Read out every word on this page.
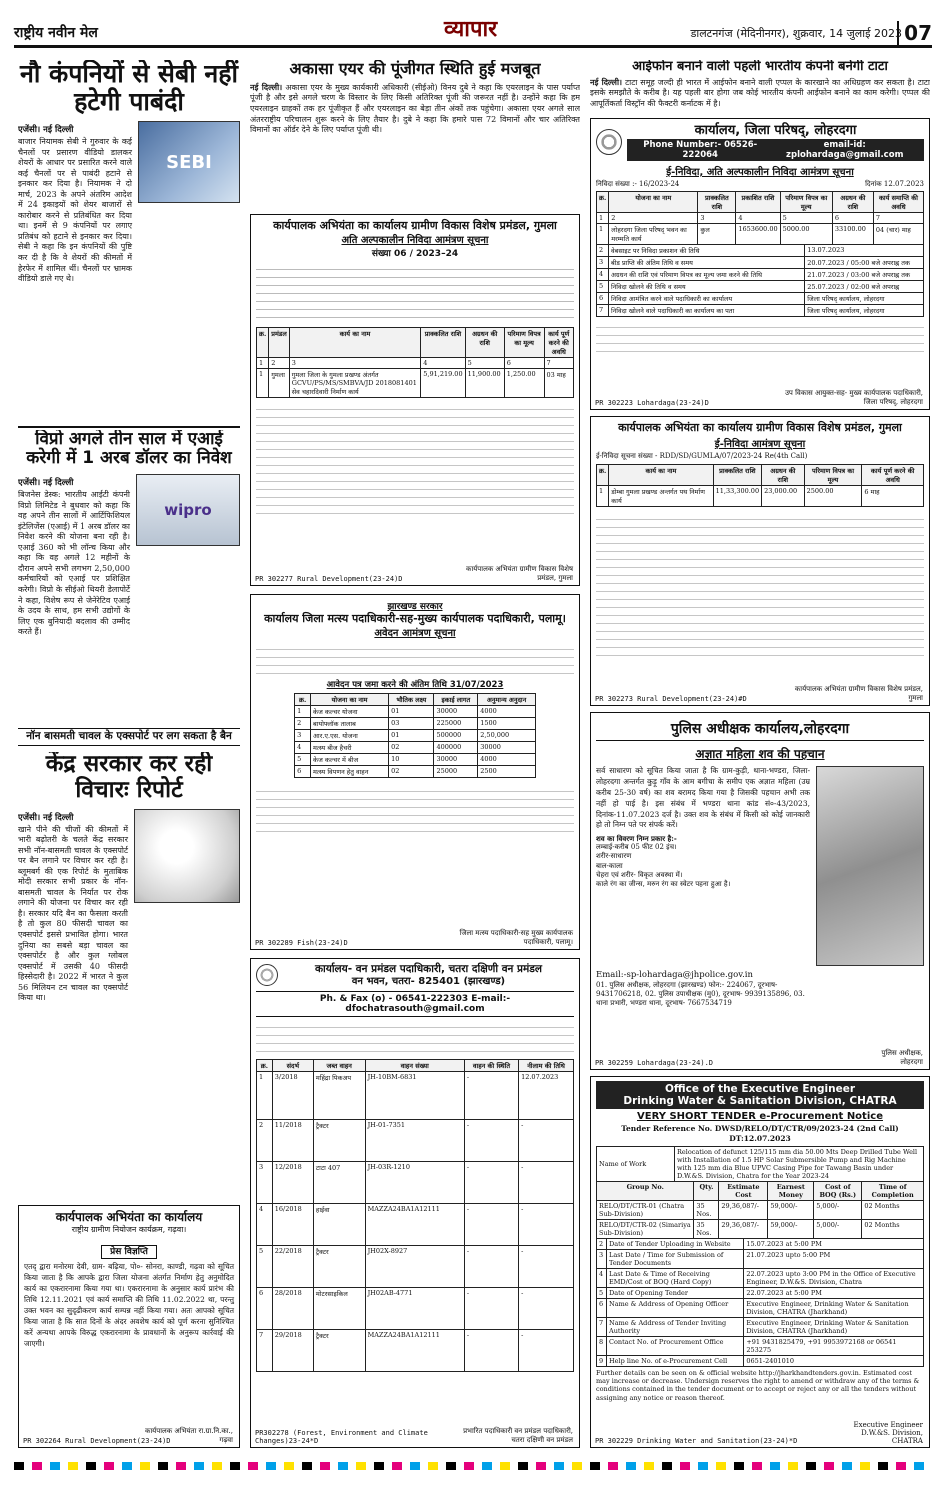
राष्ट्रीय नवीन मेल	व्यापार	डालटनगंज (मेदिनीनगर), शुक्रवार, 14 जुलाई 2023 07
नौ कंपनियों से सेबी नहीं हटेगी पाबंदी
एजेंसी। नई दिल्ली
बाजार नियामक सेबी ने गुरुवार के कई चैनलों पर प्रसारण वीडियो डालकर शेयरों के आधार पर प्रसारित करने वाले कई चैनलों पर से पाबंदी हटाने से इनकार कर दिया है। नियामक ने दो मार्च, 2023 के अपने अंतरिम आदेश में 24 इकाइयों को शेयर बाजारों से कारोबार करने से प्रतिबंधित कर दिया था। इनमें से 9 कंपनियों पर लगाए प्रतिबंध को हटाने से इनकार कर दिया। सेबी ने कहा कि इन कंपनियों की पुष्टि कर दी है कि वे शेयरों की कीमतों में हेरफेर में शामिल थीं। चैनलों पर भ्रामक वीडियो डाले गए थे।
SEBI
विप्रो अगले तीन साल में एआई करेगी में 1 अरब डॉलर का निवेश
एजेंसी। नई दिल्ली
बिजनेस डेस्क: भारतीय आईटी कंपनी विप्रो लिमिटेड ने बुधवार को कहा कि वह अपने तीन सालों में आर्टिफिशियल इंटेलिजेंस (एआई) में 1 अरब डॉलर का निवेश करने की योजना बना रही है। एआई 360 को भी लॉन्च किया और कहा कि वह अगले 12 महीनों के दौरान अपने सभी लगभग 2,50,000 कर्मचारियों को एआई पर प्रशिक्षित करेगी। विप्रो के सीईओ थियरी डेलापोर्टे ने कहा, विशेष रूप से जेनेरेटिव एआई के उदय के साथ, हम सभी उद्योगों के लिए एक बुनियादी बदलाव की उम्मीद करते हैं।
wipro
नॉन बासमती चावल के एक्सपोर्ट पर लग सकता है बैन
केंद्र सरकार कर रही विचारः रिपोर्ट
एजेंसी। नई दिल्ली
खाने पीने की चीजों की कीमतों में भारी बढ़ोतरी के चलते केंद्र सरकार सभी नॉन-बासमती चावल के एक्सपोर्ट पर बैन लगाने पर विचार कर रही है। ब्लूमबर्ग की एक रिपोर्ट के मुताबिक मोदी सरकार सभी प्रकार के नॉन-बासमती चावल के निर्यात पर रोक लगाने की योजना पर विचार कर रही है। सरकार यदि बैन का फैसला करती है तो कुल 80 फीसदी चावल का एक्सपोर्ट इससे प्रभावित होगा। भारत दुनिया का सबसे बड़ा चावल का एक्सपोर्टर है और कुल ग्लोबल एक्सपोर्ट में उसकी 40 फीसदी हिस्सेदारी है। 2022 में भारत ने कुल 56 मिलियन टन चावल का एक्सपोर्ट किया था।
कार्यपालक अभियंता का कार्यालय
राष्ट्रीय ग्रामीण नियोजन कार्यक्रम, गढ़वा।
प्रेस विज्ञप्ति
एतद् द्वारा मनोरमा देवी, ग्राम- बढ़िया, पो०- सोनरा, काण्डी, गढ़वा को सूचित किया जाता है कि आपके द्वारा जिला योजना अंतर्गत निर्माण हेतु अनुमोदित कार्य का एकरारनामा किया गया था। एकरारनामा के अनुसार कार्य प्रारंभ की तिथि 12.11.2021 एवं कार्य समाप्ति की तिथि 11.02.2022 था, परन्तु उक्त भवन का सुदृढीकरण कार्य सम्पन्न नहीं किया गया। अतः आपको सूचित किया जाता है कि सात दिनों के अंदर अवशेष कार्य को पूर्ण करना सुनिश्चित करें अन्यथा आपके विरुद्ध एकरारनामा के प्रावधानों के अनुरूप कार्रवाई की जाएगी।
PR 302264 Rural Development(23-24)D
कार्यपालक अभियंता रा.ग्रा.नि.का., गढ़वा
अकासा एयर की पूंजीगत स्थिति हुई मजबूत
नई दिल्ली। अकासा एयर के मुख्य कार्यकारी अधिकारी (सीईओ) विनय दुबे ने कहा कि एयरलाइन के पास पर्याप्त पूंजी है और इसे अगले चरण के विस्तार के लिए किसी अतिरिक्त पूंजी की जरूरत नहीं है। उन्होंने कहा कि हम एयरलाइन ग्राहकों तक हर पूंजीकृत हैं और एयरलाइन का बेड़ा तीन अंकों तक पहुंचेगा। अकासा एयर अगले साल अंतरराष्ट्रीय परिचालन शुरू करने के लिए तैयार है। दुबे ने कहा कि हमारे पास 72 विमानों और चार अतिरिक्त विमानों का ऑर्डर देने के लिए पर्याप्त पूंजी थी।
कार्यपालक अभियंता का कार्यालय ग्रामीण विकास विशेष प्रमंडल, गुमला
अति अल्पकालीन निविदा आमंत्रण सूचना
संख्या 06 / 2023–24
क्र.	प्रमंडल	कार्य का नाम	प्राक्कलित राशि	अग्रधन की राशि	परिमाण विपत्र का मूल्य	कार्य पूर्ण करने की अवधि
1	2	3	4	5	6	7
1	गुमला	गुमला जिला के गुमला प्रखण्ड अंतर्गत GCVU/PS/MS/SMBVA/JD 2018081401 सेव चहारदिवारी निर्माण कार्य	5,91,219.00	11,900.00	1,250.00	03 माह
PR 302277 Rural Development(23-24)D
कार्यपालक अभियंता ग्रामीण विकास विशेष प्रमंडल, गुमला
झारखण्ड सरकार
कार्यालय जिला मत्स्य पदाधिकारी-सह-मुख्य कार्यपालक पदाधिकारी, पलामू।
अवेदन आमंत्रण सूचना
आवेदन पत्र जमा करने की अंतिम तिथि 31/07/2023
क्र.	योजना का नाम	भौतिक लक्ष्य	इकाई लागत	अनुमान्य अनुदान
1	केज कल्चर योजना	01	30000	4000
2	बायोफ्लॉक तालाब	03	225000	1500
3	आर.ए.एस. योजना	01	500000	2,50,000
4	मत्स्य बीज हैचरी	02	400000	30000
5	केज कल्चर में बीज	10	30000	4000
6	मत्स्य विपणन हेतु वाहन	02	25000	2500
PR 302289 Fish(23-24)D
जिला मत्स्य पदाधिकारी-सह मुख्य कार्यपालक पदाधिकारी, पलामू।
कार्यालय- वन प्रमंडल पदाधिकारी, चतरा दक्षिणी वन प्रमंडल
वन भवन, चतरा- 825401 (झारखण्ड)
Ph. & Fax (o) - 06541-222303 E-mail:- dfochatrasouth@gmail.com
क्र.	संदर्भ	जब्त वाहन	वाहन संख्या	वाहन की स्थिति	नीलाम की तिथि
1	3/2018	महिंद्रा पिकअप	JH-10BM-6831	-	12.07.2023
2	11/2018	ट्रैक्टर	JH-01-7351	-	-
3	12/2018	टाटा 407	JH-03R-1210	-	-
4	16/2018	हाईवा	MAZZA24BA1A12111	-	-
5	22/2018	ट्रैक्टर	JH02X-8927	-	-
6	28/2018	मोटरसाइकिल	JH02AB-4771	-	-
7	29/2018	ट्रैक्टर	MAZZA24BA1A12111	-	-
PR302278 (Forest, Environment and Climate Changes)23-24*D
प्रभारित पदाधिकारी वन प्रमंडल पदाधिकारी, चतरा दक्षिणी वन प्रमंडल
आईफोन बनाने वाली पहली भारतीय कंपनी बनेगी टाटा
नई दिल्ली। टाटा समूह जल्दी ही भारत में आईफोन बनाने वाली एप्पल के कारखाने का अधिग्रहण कर सकता है। टाटा इसके समझौते के करीब है। यह पहली बार होगा जब कोई भारतीय कंपनी आईफोन बनाने का काम करेगी। एप्पल की आपूर्तिकर्ता विस्ट्रॉन की फैक्टरी कर्नाटक में है।
कार्यालय, जिला परिषद्, लोहरदगा
Phone Number:- 06526-222064
email-id: zplohardaga@gmail.com
ई-निविदा, अति अल्पकालीन निविदा आमंत्रण सूचना
निविदा संख्या :- 16/2023-24	दिनांक 12.07.2023
क्र.	योजना का नाम	प्राक्कलित राशि	प्रकाशित राशि	परिमाण विपत्र का मूल्य	अग्रधन की राशि	कार्य समाप्ति की अवधि
1	2	3	4	5	6	7
1	लोहरदगा जिला परिषद् भवन का मरम्मति कार्य	कुल	1653600.00	5000.00	33100.00	04 (चार) माह
2	वेबसाइट पर निविदा प्रकाशन की तिथि	13.07.2023
3	बीड प्राप्ति की अंतिम तिथि व समय	20.07.2023 / 05:00 बजे अपराह्न तक
4	अग्रधन की राशि एवं परिमाण विपत्र का मूल्य जमा करने की तिथि	21.07.2023 / 03:00 बजे अपराह्न तक
5	निविदा खोलने की तिथि व समय	25.07.2023 / 02:00 बजे अपराह्न
6	निविदा आमंत्रित करने वाले पदाधिकारी का कार्यालय	जिला परिषद् कार्यालय, लोहरदगा
7	निविदा खोलने वाले पदाधिकारी का कार्यालय का पता	जिला परिषद् कार्यालय, लोहरदगा
PR 302223 Lohardaga(23-24)D
उप विकास आयुक्त-सह- मुख्य कार्यपालक पदाधिकारी, जिला परिषद्, लोहरदगा
कार्यपालक अभियंता का कार्यालय ग्रामीण विकास विशेष प्रमंडल, गुमला
ई-निविदा आमंत्रण सूचना
ई-निविदा सूचना संख्या - RDD/SD/GUMLA/07/2023-24 Re(4th Call)
क्र.	कार्य का नाम	प्राक्कलित राशि	अग्रधन की राशि	परिमाण विपत्र का मूल्य	कार्य पूर्ण करने की अवधि
1	डोम्बा गुमला प्रखण्ड अन्तर्गत पथ निर्माण कार्य	11,33,300.00	23,000.00	2500.00	6 माह
PR 302273 Rural Development(23-24)#D
कार्यपालक अभियंता ग्रामीण विकास विशेष प्रमंडल, गुमला
पुलिस अधीक्षक कार्यालय,लोहरदगा
अज्ञात महिला शव की पहचान
सर्व साधारण को सूचित किया जाता है कि ग्राम-कुड़ी, थाना-भण्डरा, जिला-लोहरदगा अन्तर्गत कुड़ू गाँव के आम बगीचा के समीप एक अज्ञात महिला (उम्र करीब 25-30 वर्ष) का शव बरामद किया गया है जिसकी पहचान अभी तक नहीं हो पाई है। इस संबंध में भण्डरा थाना कांड सं०-43/2023, दिनांक-11.07.2023 दर्ज है। उक्त शव के संबंध में किसी को कोई जानकारी हो तो निम्न पते पर संपर्क करें।
शव का विवरण निम्न प्रकार है:-
लम्बाई-करीब 05 फीट 02 इंच।
शरीर-साधारण
बाल-काला
चेहरा एवं शरीर- विकृत अवस्था में।
काले रंग का जीन्स, मरुन रंग का स्वेटर पहना हुआ है।
Email:-sp-lohardaga@jhpolice.gov.in
01. पुलिस अधीक्षक, लोहरदगा (झारखण्ड) फोन:- 224067, दूरभाष- 9431706218, 02. पुलिस उपाधीक्षक (मु0), दूरभाष- 9939135896, 03. थाना प्रभारी, भण्डरा थाना, दूरभाष- 7667534719
PR 302259 Lohardaga(23-24).D
पुलिस अधीक्षक, लोहरदगा
Office of the Executive Engineer
Drinking Water & Sanitation Division, CHATRA
VERY SHORT TENDER e-Procurement Notice
Tender Reference No. DWSD/RELO/DT/CTR/09/2023-24 (2nd Call) DT:12.07.2023
Name of Work	Relocation of defunct 125/115 mm dia 50.00 Mts Deep Drilled Tube Well with Installation of 1.5 HP Solar Submersible Pump and Rig Machine with 125 mm dia Blue UPVC Casing Pipe for Tawang Basin under D.W.&S. Division, Chatra for the Year 2023-24
Group No.	Qty.	Estimate Cost	Earnest Money	Cost of BOQ (Rs.)	Time of Completion
RELO/DT/CTR-01 (Chatra Sub-Division)	35 Nos.	29,36,087/-	59,000/-	5,000/-	02 Months
RELO/DT/CTR-02 (Simariya Sub-Division)	35 Nos.	29,36,087/-	59,000/-	5,000/-	02 Months
2	Date of Tender Uploading in Website	15.07.2023 at 5:00 PM
3	Last Date / Time for Submission of Tender Documents	21.07.2023 upto 5:00 PM
4	Last Date & Time of Receiving EMD/Cost of BOQ (Hard Copy)	22.07.2023 upto 3:00 PM in the Office of Executive Engineer, D.W.&S. Division, Chatra
5	Date of Opening Tender	22.07.2023 at 5:00 PM
6	Name & Address of Opening Officer	Executive Engineer, Drinking Water & Sanitation Division, CHATRA (Jharkhand)
7	Name & Address of Tender Inviting Authority	Executive Engineer, Drinking Water & Sanitation Division, CHATRA (Jharkhand)
8	Contact No. of Procurement Office	+91 9431825479, +91 9953972168 or 06541 253275
9	Help line No. of e-Procurement Cell	0651-2401010
Further details can be seen on & official website http://jharkhandtenders.gov.in. Estimated cost may increase or decrease. Undersign reserves the right to amend or withdraw any of the terms & conditions contained in the tender document or to accept or reject any or all the tenders without assigning any notice or reason thereof.
PR 302229 Drinking Water and Sanitation(23-24)*D
Executive Engineer D.W.&S. Division, CHATRA
